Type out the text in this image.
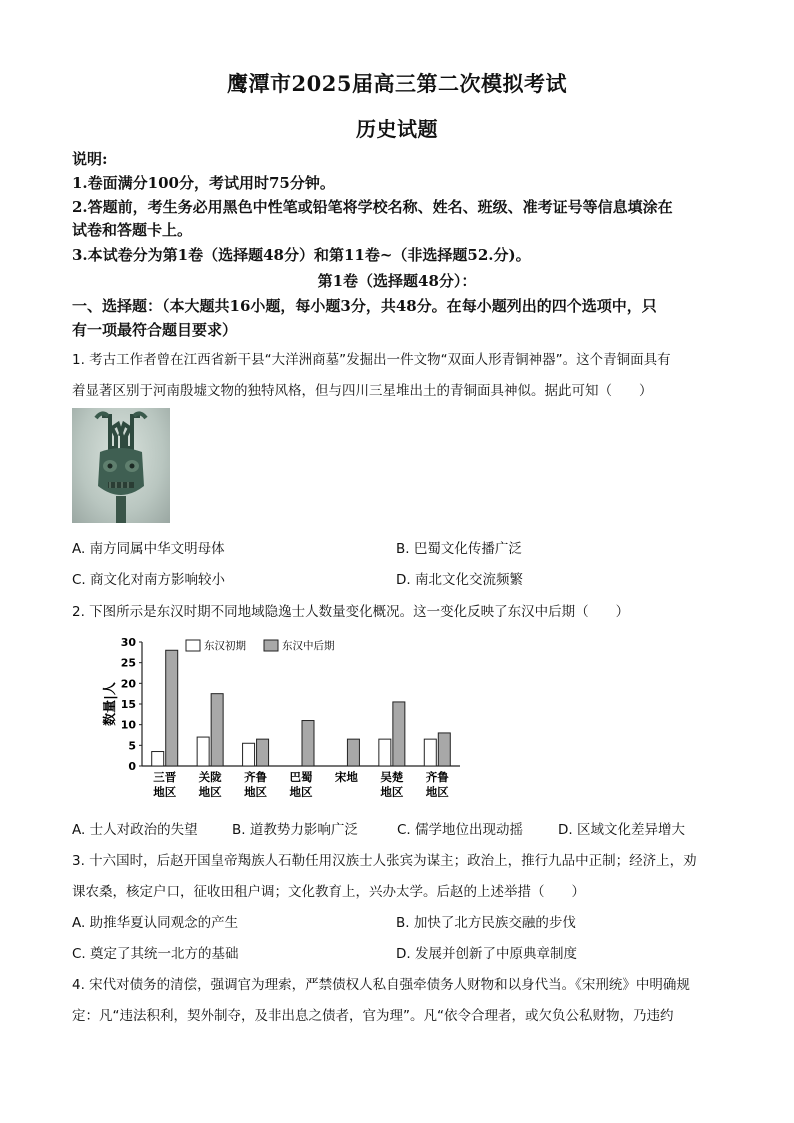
鹰潭市2025届高三第二次模拟考试
历史试题
说明:
1.卷面满分100分，考试用时75分钟。
2.答题前，考生务必用黑色中性笔或铅笔将学校名称、姓名、班级、准考证号等信息填涂在
试卷和答题卡上。
3.本试卷分为第1卷（选择题48分）和第11卷~（非选择题52.分)。
第1卷（选择题48分）：
一、选择题：（本大题共16小题，每小题3分，共48分。在每小题列出的四个选项中，只
有一项最符合题目要求）
1. 考古工作者曾在江西省新干县“大洋洲商墓”发掘出一件文物“双面人形青铜神器”。这个青铜面具有
着显著区别于河南殷墟文物的独特风格，但与四川三星堆出土的青铜面具神似。据此可知（　　）
A. 南方同属中华文明母体	B. 巴蜀文化传播广泛
C. 商文化对南方影响较小	D. 南北文化交流频繁
2. 下图所示是东汉时期不同地域隐逸士人数量变化概况。这一变化反映了东汉中后期（　　）
0
5
10
15
20
25
30
数量|人
三晋
地区
关陇
地区
齐鲁
地区
巴蜀
地区
宋地 吴楚
地区
齐鲁
地区
东汉初期	东汉中后期
A. 士人对政治的失望	B. 道教势力影响广泛	C. 儒学地位出现动摇	D. 区域文化差异增大
3. 十六国时，后赵开国皇帝羯族人石勒任用汉族士人张宾为谋主；政治上，推行九品中正制；经济上，劝
课农桑，核定户口，征收田租户调；文化教育上，兴办太学。后赵的上述举措（　　）
A. 助推华夏认同观念的产生	B. 加快了北方民族交融的步伐
C. 奠定了其统一北方的基础	D. 发展并创新了中原典章制度
4. 宋代对债务的清偿，强调官为理索，严禁债权人私自强牵债务人财物和以身代当。《宋刑统》中明确规
定：凡“违法积利，契外制夺，及非出息之债者，官为理”。凡“依令合理者，或欠负公私财物，乃违约
